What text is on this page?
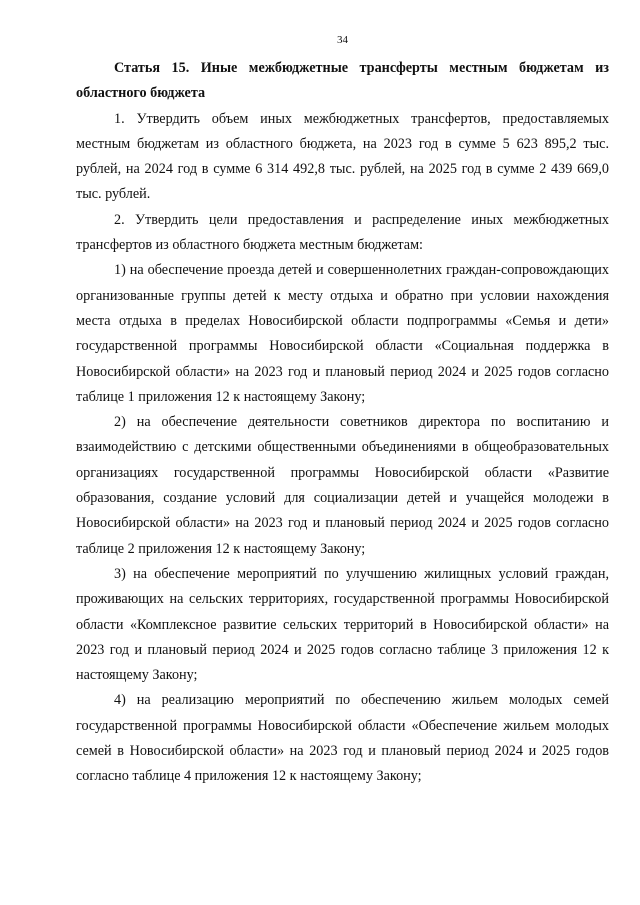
34

Статья 15. Иные межбюджетные трансферты местным бюджетам из областного бюджета

1. Утвердить объем иных межбюджетных трансфертов, предоставляемых местным бюджетам из областного бюджета, на 2023 год в сумме 5 623 895,2 тыс. рублей, на 2024 год в сумме 6 314 492,8 тыс. рублей, на 2025 год в сумме 2 439 669,0 тыс. рублей.

2. Утвердить цели предоставления и распределение иных межбюджетных трансфертов из областного бюджета местным бюджетам:

1) на обеспечение проезда детей и совершеннолетних граждан-сопровождающих организованные группы детей к месту отдыха и обратно при условии нахождения места отдыха в пределах Новосибирской области подпрограммы «Семья и дети» государственной программы Новосибирской области «Социальная поддержка в Новосибирской области» на 2023 год и плановый период 2024 и 2025 годов согласно таблице 1 приложения 12 к настоящему Закону;

2) на обеспечение деятельности советников директора по воспитанию и взаимодействию с детскими общественными объединениями в общеобразовательных организациях государственной программы Новосибирской области «Развитие образования, создание условий для социализации детей и учащейся молодежи в Новосибирской области» на 2023 год и плановый период 2024 и 2025 годов согласно таблице 2 приложения 12 к настоящему Закону;

3) на обеспечение мероприятий по улучшению жилищных условий граждан, проживающих на сельских территориях, государственной программы Новосибирской области «Комплексное развитие сельских территорий в Новосибирской области» на 2023 год и плановый период 2024 и 2025 годов согласно таблице 3 приложения 12 к настоящему Закону;

4) на реализацию мероприятий по обеспечению жильем молодых семей государственной программы Новосибирской области «Обеспечение жильем молодых семей в Новосибирской области» на 2023 год и плановый период 2024 и 2025 годов согласно таблице 4 приложения 12 к настоящему Закону;
